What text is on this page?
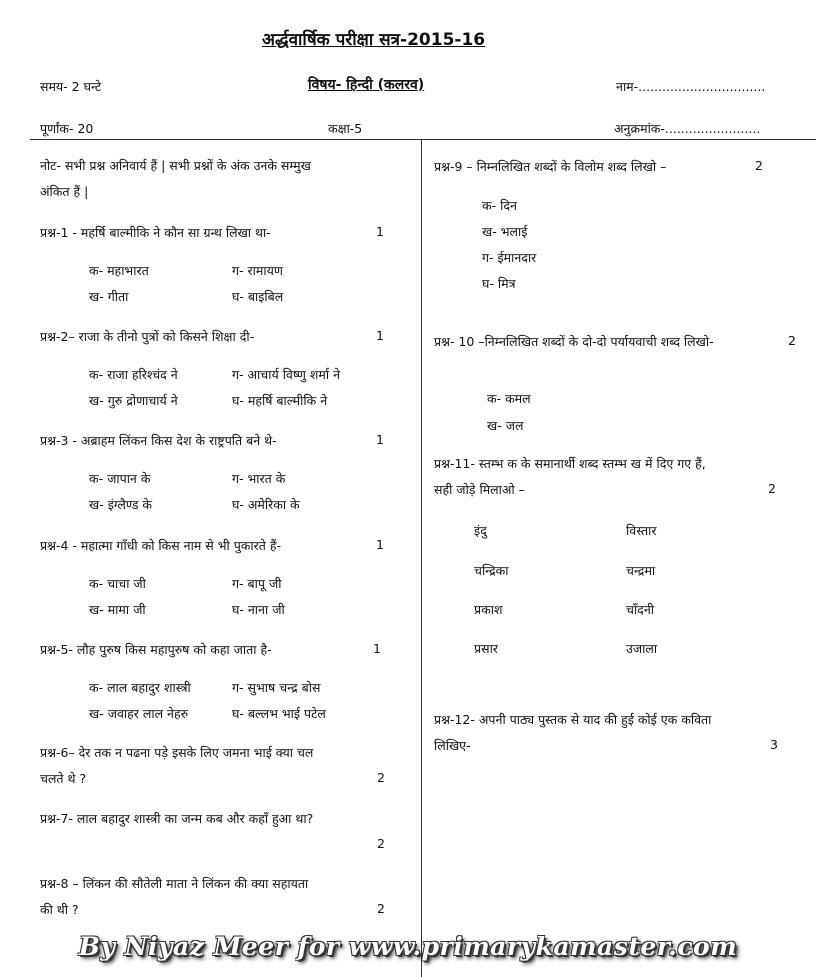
अर्द्धवार्षिक परीक्षा सत्र-2015-16
समय- 2 घन्टे	विषय- हिन्दी (कलरव)	नाम-................................
पूर्णांक- 20	कक्षा-5	अनुक्रमांक-........................
नोट- सभी प्रश्न अनिवार्य हैं | सभी प्रश्नों के अंक उनके सम्मुख
अंकित हैं |
प्रश्न-1 - महर्षि बाल्मीकि ने कौन सा ग्रन्थ लिखा था-	1
क- महाभारत	ग- रामायण
ख- गीता	घ- बाइबिल
प्रश्न-2– राजा के तीनो पुत्रों को किसने शिक्षा दी-	1
क- राजा हरिश्चंद ने	ग- आचार्य विष्णु शर्मा ने
ख- गुरु द्रोणाचार्य ने	घ- महर्षि बाल्मीकि ने
प्रश्न-3 - अब्राहम लिंकन किस देश के राष्ट्रपति बने थे-	1
क- जापान के	ग- भारत के
ख- इंग्लैण्ड के	घ- अमेरिका के
प्रश्न-4 - महात्मा गाँधी को किस नाम से भी पुकारते हैं-	1
क- चाचा जी	ग- बापू जी
ख- मामा जी	घ- नाना जी
प्रश्न-5- लौह पुरुष किस महापुरुष को कहा जाता है-	1
क- लाल बहादुर शास्त्री	ग- सुभाष चन्द्र बोस
ख- जवाहर लाल नेहरु	घ- बल्लभ भाई पटेल
प्रश्न-6– देर तक न पढना पड़े इसके लिए जमना भाई क्या चल
चलते थे ?	2
प्रश्न-7- लाल बहादुर शास्त्री का जन्म कब और कहाँ हुआ था?
2
प्रश्न-8 – लिंकन की सौतेली माता ने लिंकन की क्या सहायता
की थी ?	2
प्रश्न-9 – निम्नलिखित शब्दों के विलोम शब्द लिखो –	2
क- दिन
ख- भलाई
ग- ईमानदार
घ- मित्र
प्रश्न- 10 –निम्नलिखित शब्दों के दो-दो पर्यायवाची शब्द लिखो-	2
क- कमल
ख- जल
प्रश्न-11- स्तम्भ क के समानार्थी शब्द स्तम्भ ख में दिए गए हैं,
सही जोड़े मिलाओ –	2
इंदु	विस्तार
चन्द्रिका	चन्द्रमा
प्रकाश	चाँदनी
प्रसार	उजाला
प्रश्न-12- अपनी पाठ्य पुस्तक से याद की हुई कोई एक कविता
लिखिए-	3
By Niyaz Meer for www.primarykamaster.com
